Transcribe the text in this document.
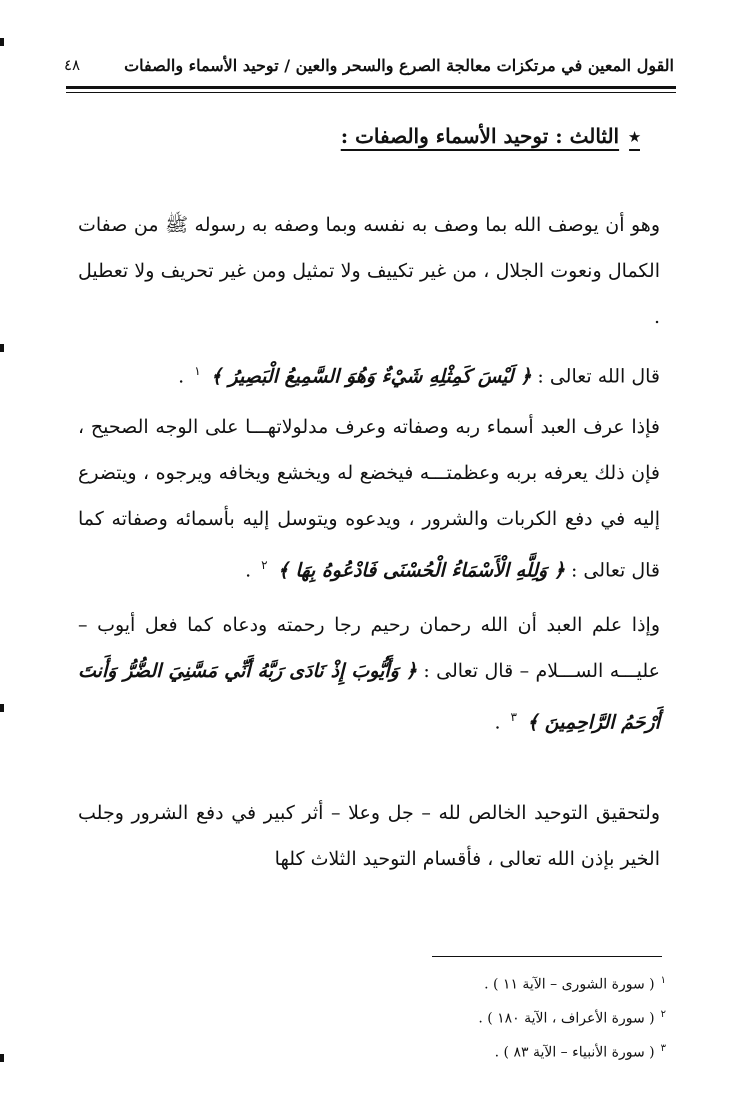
القول المعين في مرتكزات معالجة الصرع والسحر والعين / توحيد الأسماء والصفات
٤٨
٭الثالث : توحيد الأسماء والصفات :
وهو أن يوصف الله بما وصف به نفسه وبما وصفه به رسوله ﷺ من صفات الكمال ونعوت الجلال ، من غير تكييف ولا تمثيل ومن غير تحريف ولا تعطيل .
قال الله تعالى : ﴿ لَيْسَ كَمِثْلِهِ شَيْءٌ وَهُوَ السَّمِيعُ الْبَصِيرُ ﴾ $^١$ .
فإذا عرف العبد أسماء ربه وصفاته وعرف مدلولاتهـــا على الوجه الصحيح ، فإن ذلك يعرفه بربه وعظمتـــه فيخضع له ويخشع ويخافه ويرجوه ، ويتضرع إليه في دفع الكربات والشرور ، ويدعوه ويتوسل إليه بأسمائه وصفاته كما قال تعالى : ﴿ وَلِلَّهِ الْأَسْمَاءُ الْحُسْنَى فَادْعُوهُ بِهَا ﴾ $^٢$ .
وإذا علم العبد أن الله رحمان رحيم رجا رحمته ودعاه كما فعل أيوب – عليـــه الســـلام – قال تعالى : ﴿ وَأَيُّوبَ إِذْ نَادَى رَبَّهُ أَنِّي مَسَّنِيَ الضُّرُّ وَأَنتَ أَرْحَمُ الرَّاحِمِينَ ﴾ $^٣$ .
ولتحقيق التوحيد الخالص لله – جل وعلا – أثر كبير في دفع الشرور وجلب الخير بإذن الله تعالى ، فأقسام التوحيد الثلاث كلها
$^١$( سورة الشورى – الآية ١١ ) .
$^٢$( سورة الأعراف ، الآية ١٨٠ ) .
$^٣$( سورة الأنبياء – الآية ٨٣ ) .
